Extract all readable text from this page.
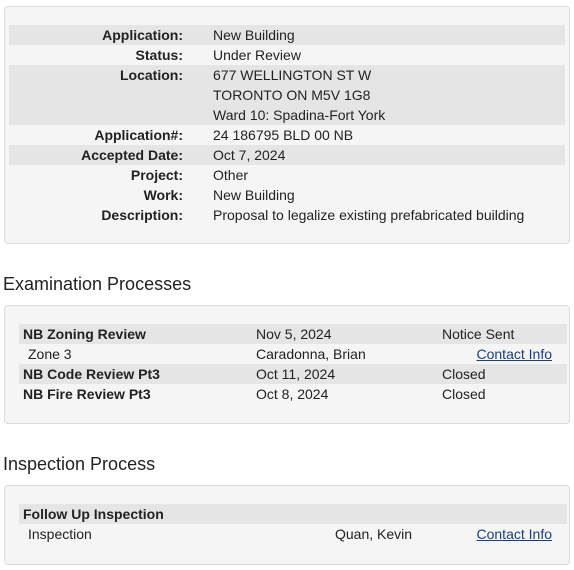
Application: New Building
Status: Under Review
Location: 677 WELLINGTON ST W
TORONTO ON M5V 1G8
Ward 10: Spadina-Fort York
Application#: 24 186795 BLD 00 NB
Accepted Date: Oct 7, 2024
Project: Other
Work: New Building
Description: Proposal to legalize existing prefabricated building
Examination Processes
NB Zoning Review	Nov 5, 2024	Notice Sent
Zone 3	Caradonna, Brian	Contact Info
NB Code Review Pt3	Oct 11, 2024	Closed
NB Fire Review Pt3	Oct 8, 2024	Closed
Inspection Process
Follow Up Inspection
Inspection	Quan, Kevin	Contact Info
